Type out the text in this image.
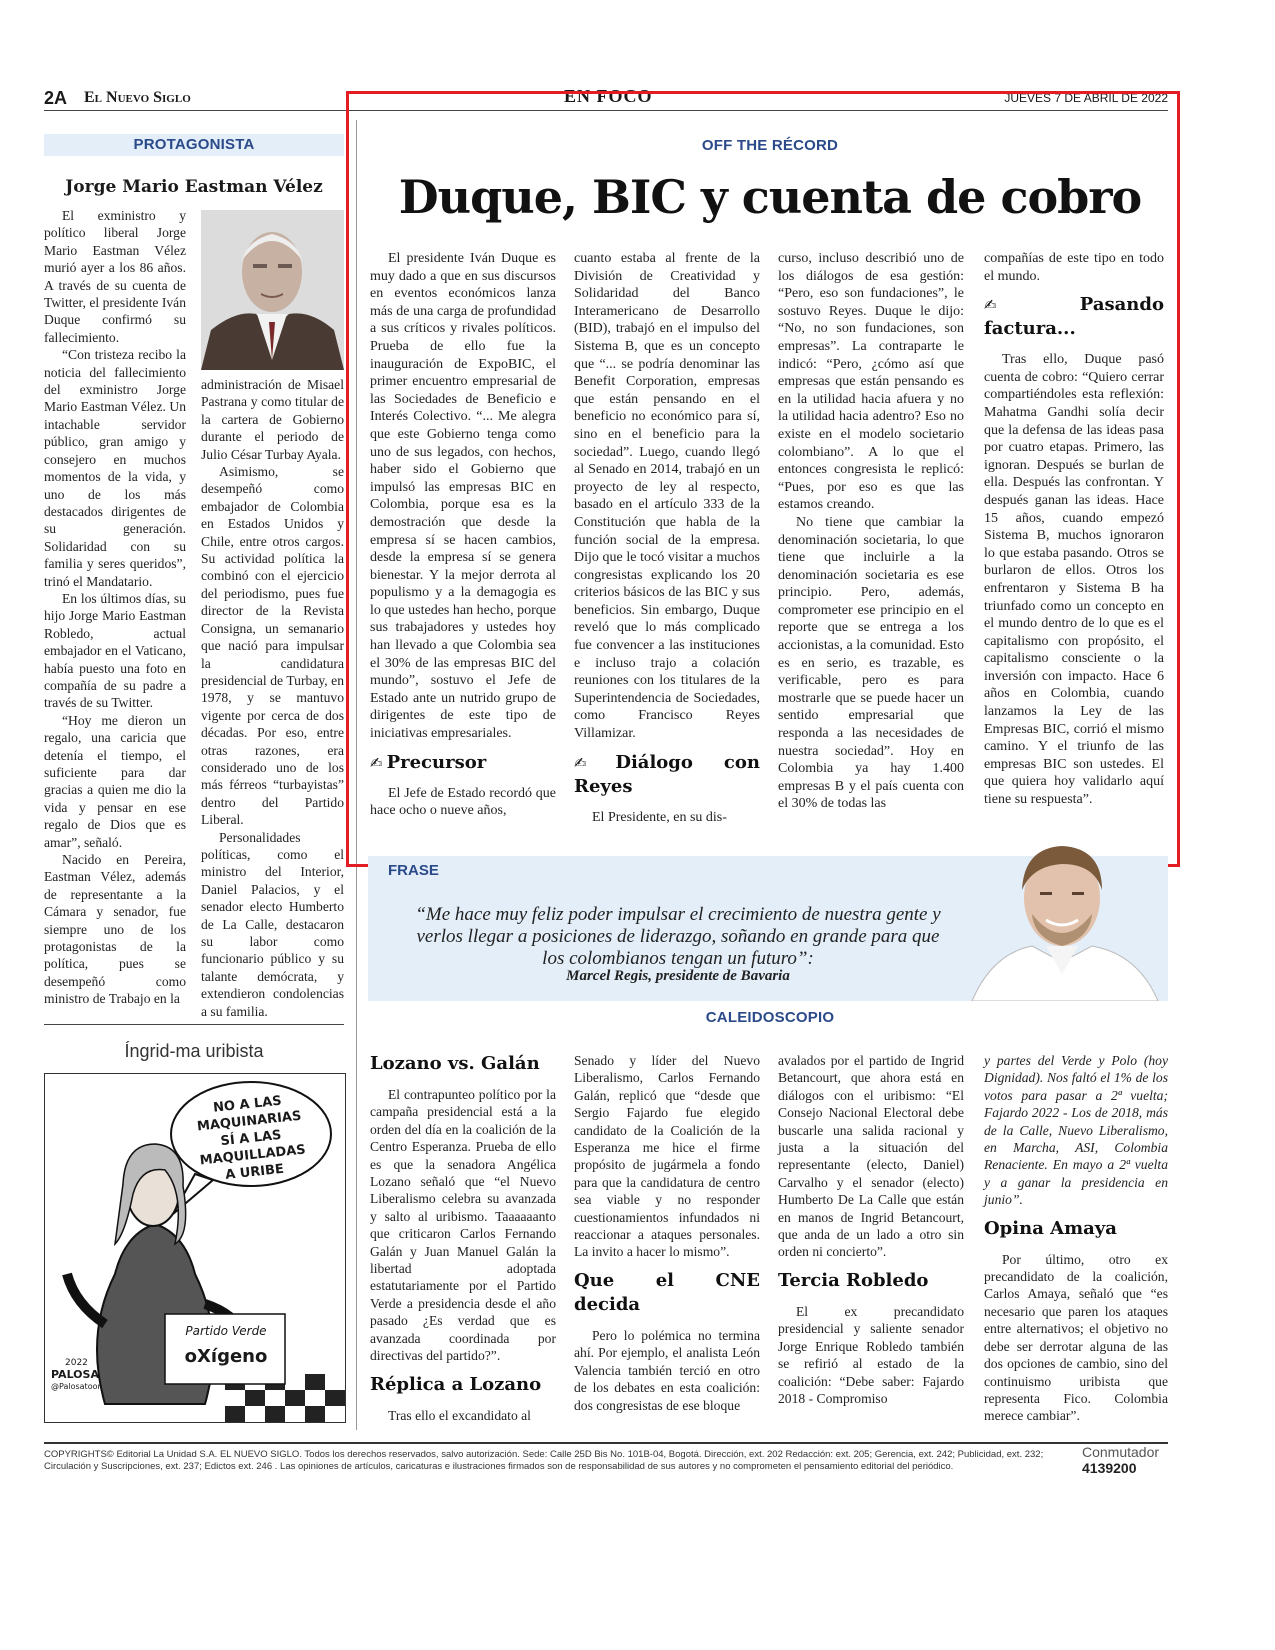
2A El Nuevo Siglo	EN FOCO	JUEVES 7 DE ABRIL DE 2022
PROTAGONISTA
Jorge Mario Eastman Vélez

El exministro y político liberal Jorge Mario Eastman Vélez murió ayer a los 86 años. A través de su cuenta de Twitter, el presidente Iván Duque confirmó su fallecimiento.

“Con tristeza recibo la noticia del fallecimiento del exministro Jorge Mario Eastman Vélez. Un intachable servidor público, gran amigo y consejero en muchos momentos de la vida, y uno de los más destacados dirigentes de su generación. Solidaridad con su familia y seres queridos”, trinó el Mandatario.

En los últimos días, su hijo Jorge Mario Eastman Robledo, actual embajador en el Vaticano, había puesto una foto en compañía de su padre a través de su Twitter.

“Hoy me dieron un regalo, una caricia que detenía el tiempo, el suficiente para dar gracias a quien me dio la vida y pensar en ese regalo de Dios que es amar”, señaló.

Nacido en Pereira, Eastman Vélez, además de representante a la Cámara y senador, fue siempre uno de los protagonistas de la política, pues se desempeñó como ministro de Trabajo en la

administración de Misael Pastrana y como titular de la cartera de Gobierno durante el periodo de Julio César Turbay Ayala.

Asimismo, se desempeñó como embajador de Colombia en Estados Unidos y Chile, entre otros cargos. Su actividad política la combinó con el ejercicio del periodismo, pues fue director de la Revista Consigna, un semanario que nació para impulsar la candidatura presidencial de Turbay, en 1978, y se mantuvo vigente por cerca de dos décadas. Por eso, entre otras razones, era considerado uno de los más férreos “turbayistas” dentro del Partido Liberal.

Personalidades políticas, como el ministro del Interior, Daniel Palacios, y el senador electo Humberto de La Calle, destacaron su labor como funcionario público y su talante demócrata, y extendieron condolencias a su familia.

Íngrid-ma uribista
NO A LAS MAQUINARIAS SÍ A LAS MAQUILLADAS A URIBE
Partido Verde
oXígeno
PALOSA
2022
@Palosatoon
OFF THE RÉCORD
Duque, BIC y cuenta de cobro

El presidente Iván Duque es muy dado a que en sus discursos en eventos económicos lanza más de una carga de profundidad a sus críticos y rivales políticos. Prueba de ello fue la inauguración de ExpoBIC, el primer encuentro empresarial de las Sociedades de Beneficio e Interés Colectivo. “... Me alegra que este Gobierno tenga como uno de sus legados, con hechos, haber sido el Gobierno que impulsó las empresas BIC en Colombia, porque esa es la demostración que desde la empresa sí se hacen cambios, desde la empresa sí se genera bienestar. Y la mejor derrota al populismo y a la demagogia es lo que ustedes han hecho, porque sus trabajadores y ustedes hoy han llevado a que Colombia sea el 30% de las empresas BIC del mundo”, sostuvo el Jefe de Estado ante un nutrido grupo de dirigentes de este tipo de iniciativas empresariales.

✍ Precursor

El Jefe de Estado recordó que hace ocho o nueve años,

cuanto estaba al frente de la División de Creatividad y Solidaridad del Banco Interamericano de Desarrollo (BID), trabajó en el impulso del Sistema B, que es un concepto que “... se podría denominar las Benefit Corporation, empresas que están pensando en el beneficio no económico para sí, sino en el beneficio para la sociedad”. Luego, cuando llegó al Senado en 2014, trabajó en un proyecto de ley al respecto, basado en el artículo 333 de la Constitución que habla de la función social de la empresa. Dijo que le tocó visitar a muchos congresistas explicando los 20 criterios básicos de las BIC y sus beneficios. Sin embargo, Duque reveló que lo más complicado fue convencer a las instituciones e incluso trajo a colación reuniones con los titulares de la Superintendencia de Sociedades, como Francisco Reyes Villamizar.

✍ Diálogo con Reyes

El Presidente, en su dis-

curso, incluso describió uno de los diálogos de esa gestión: “Pero, eso son fundaciones”, le sostuvo Reyes. Duque le dijo: “No, no son fundaciones, son empresas”. La contraparte le indicó: “Pero, ¿cómo así que empresas que están pensando es en la utilidad hacia afuera y no la utilidad hacia adentro? Eso no existe en el modelo societario colombiano”. A lo que el entonces congresista le replicó: “Pues, por eso es que las estamos creando.

No tiene que cambiar la denominación societaria, lo que tiene que incluirle a la denominación societaria es ese principio. Pero, además, comprometer ese principio en el reporte que se entrega a los accionistas, a la comunidad. Esto es en serio, es trazable, es verificable, pero es para mostrarle que se puede hacer un sentido empresarial que responda a las necesidades de nuestra sociedad”. Hoy en Colombia ya hay 1.400 empresas B y el país cuenta con el 30% de todas las

compañías de este tipo en todo el mundo.

✍ Pasando factura...

Tras ello, Duque pasó cuenta de cobro: “Quiero cerrar compartiéndoles esta reflexión: Mahatma Gandhi solía decir que la defensa de las ideas pasa por cuatro etapas. Primero, las ignoran. Después se burlan de ella. Después las confrontan. Y después ganan las ideas. Hace 15 años, cuando empezó Sistema B, muchos ignoraron lo que estaba pasando. Otros se burlaron de ellos. Otros los enfrentaron y Sistema B ha triunfado como un concepto en el mundo dentro de lo que es el capitalismo con propósito, el capitalismo consciente o la inversión con impacto. Hace 6 años en Colombia, cuando lanzamos la Ley de las Empresas BIC, corrió el mismo camino. Y el triunfo de las empresas BIC son ustedes. El que quiera hoy validarlo aquí tiene su respuesta”.

FRASE
“Me hace muy feliz poder impulsar el crecimiento de nuestra gente y verlos llegar a posiciones de liderazgo, soñando en grande para que los colombianos tengan un futuro”:
Marcel Regis, presidente de Bavaria
CALEIDOSCOPIO
Lozano vs. Galán

El contrapunteo político por la campaña presidencial está a la orden del día en la coalición de la Centro Esperanza. Prueba de ello es que la senadora Angélica Lozano señaló que “el Nuevo Liberalismo celebra su avanzada y salto al uribismo. Taaaaaanto que criticaron Carlos Fernando Galán y Juan Manuel Galán la libertad adoptada estatutariamente por el Partido Verde a presidencia desde el año pasado ¿Es verdad que es avanzada coordinada por directivas del partido?”.

Réplica a Lozano

Tras ello el excandidato al

Senado y líder del Nuevo Liberalismo, Carlos Fernando Galán, replicó que “desde que Sergio Fajardo fue elegido candidato de la Coalición de la Esperanza me hice el firme propósito de jugármela a fondo para que la candidatura de centro sea viable y no responder cuestionamientos infundados ni reaccionar a ataques personales. La invito a hacer lo mismo”.

Que el CNE decida

Pero lo polémica no termina ahí. Por ejemplo, el analista León Valencia también terció en otro de los debates en esta coalición: dos congresistas de ese bloque

avalados por el partido de Ingrid Betancourt, que ahora está en diálogos con el uribismo: “El Consejo Nacional Electoral debe buscarle una salida racional y justa a la situación del representante (electo, Daniel) Carvalho y el senador (electo) Humberto De La Calle que están en manos de Ingrid Betancourt, que anda de un lado a otro sin orden ni concierto”.

Tercia Robledo

El ex precandidato presidencial y saliente senador Jorge Enrique Robledo también se refirió al estado de la coalición: “Debe saber: Fajardo 2018 - Compromiso

y partes del Verde y Polo (hoy Dignidad). Nos faltó el 1% de los votos para pasar a 2ª vuelta; Fajardo 2022 - Los de 2018, más de la Calle, Nuevo Liberalismo, en Marcha, ASI, Colombia Renaciente. En mayo a 2ª vuelta y a ganar la presidencia en junio”.

Opina Amaya

Por último, otro ex precandidato de la coalición, Carlos Amaya, señaló que “es necesario que paren los ataques entre alternativos; el objetivo no debe ser derrotar alguna de las dos opciones de cambio, sino del continuismo uribista que representa Fico. Colombia merece cambiar”.

COPYRIGHTS© Editorial La Unidad S.A. EL NUEVO SIGLO. Todos los derechos reservados, salvo autorización. Sede: Calle 25D Bis No. 101B-04, Bogotá. Dirección, ext. 202 Redacción: ext. 205; Gerencia, ext. 242; Publicidad, ext. 232;
Circulación y Suscripciones, ext. 237; Edictos ext. 246 . Las opiniones de artículos, caricaturas e ilustraciones firmados son de responsabilidad de sus autores y no comprometen el pensamiento editorial del periódico.
Conmutador
4139200
